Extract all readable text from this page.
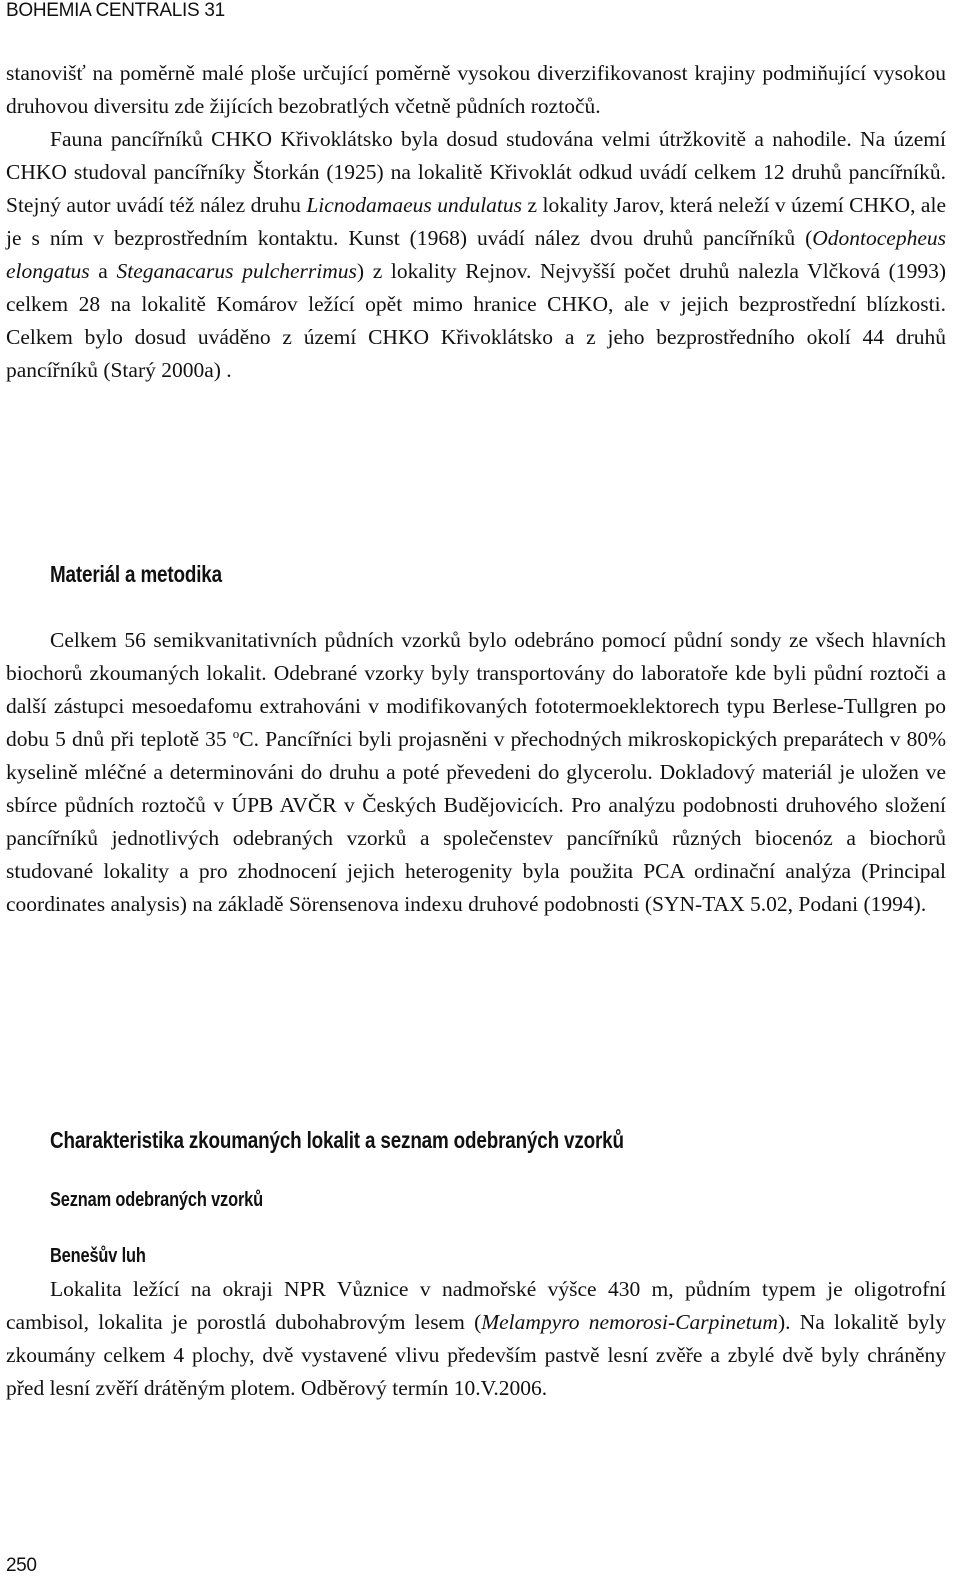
BOHEMIA CENTRALIS 31

stanovišť na poměrně malé ploše určující poměrně vysokou diverzifikovanost krajiny podmiňující vysokou druhovou diversitu zde žijících bezobratlých včetně půdních roztočů.

Fauna pancířníků CHKO Křivoklátsko byla dosud studována velmi útržkovitě a nahodile. Na území CHKO studoval pancířníky Štorkán (1925) na lokalitě Křivoklát odkud uvádí celkem 12 druhů pancířníků. Stejný autor uvádí též nález druhu Licnodamaeus undulatus z lokality Jarov, která neleží v území CHKO, ale je s ním v bezprostředním kontaktu. Kunst (1968) uvádí nález dvou druhů pancířníků (Odontocepheus elongatus a Steganacarus pulcherrimus) z lokality Rejnov. Nejvyšší počet druhů nalezla Vlčková (1993) celkem 28 na lokalitě Komárov ležící opět mimo hranice CHKO, ale v jejich bezprostřední blízkosti. Celkem bylo dosud uváděno z území CHKO Křivoklátsko a z jeho bezprostředního okolí 44 druhů pancířníků (Starý 2000a) .

Materiál a metodika

Celkem 56 semikvanitativních půdních vzorků bylo odebráno pomocí půdní sondy ze všech hlavních biochorů zkoumaných lokalit. Odebrané vzorky byly transportovány do laboratoře kde byli půdní roztoči a další zástupci mesoedafomu extrahováni v modifikovaných fototermoeklektorech typu Berlese-Tullgren po dobu 5 dnů při teplotě 35 $^o$C. Pancířníci byli projasněni v přechodných mikroskopických preparátech v 80% kyselině mléčné a determinováni do druhu a poté převedeni do glycerolu. Dokladový materiál je uložen ve sbírce půdních roztočů v ÚPB AVČR v Českých Budějovicích. Pro analýzu podobnosti druhového složení pancířníků jednotlivých odebraných vzorků a společenstev pancířníků různých biocenóz a biochorů studované lokality a pro zhodnocení jejich heterogenity byla použita PCA ordinační analýza (Principal coordinates analysis) na základě Sörensenova indexu druhové podobnosti (SYN-TAX 5.02, Podani (1994).

Charakteristika zkoumaných lokalit a seznam odebraných vzorků
Seznam odebraných vzorků
Benešův luh

Lokalita ležící na okraji NPR Vůznice v nadmořské výšce 430 m, půdním typem je oligotrofní cambisol, lokalita je porostlá dubohabrovým lesem (Melampyro nemorosi-Carpinetum). Na lokalitě byly zkoumány celkem 4 plochy, dvě vystavené vlivu především pastvě lesní zvěře a zbylé dvě byly chráněny před lesní zvěří drátěným plotem. Odběrový termín 10.V.2006.

250
